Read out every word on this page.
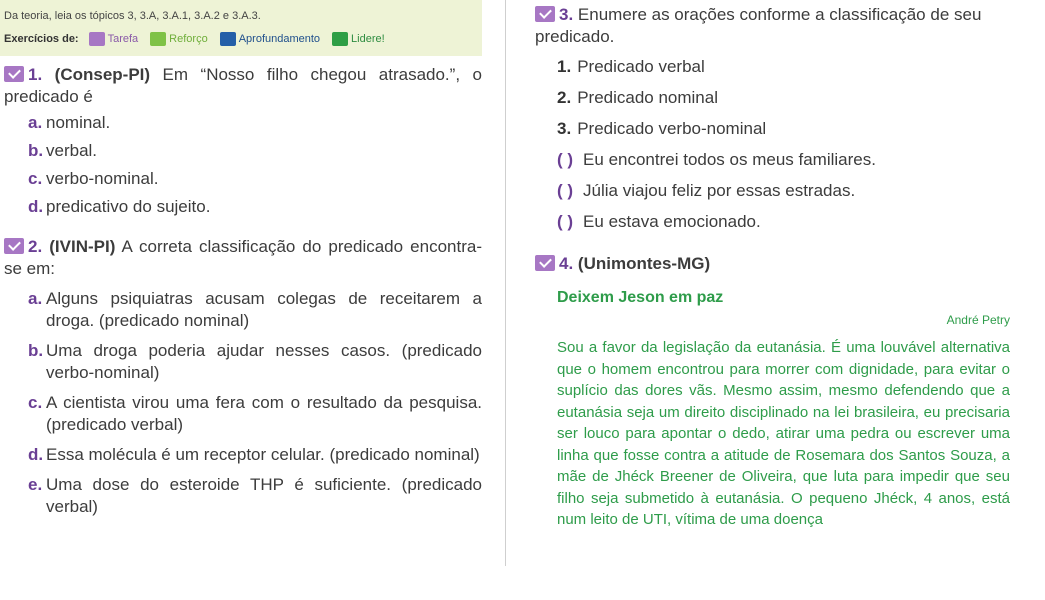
Da teoria, leia os tópicos 3, 3.A, 3.A.1, 3.A.2 e 3.A.3.
Exercícios de:	Tarefa	Reforço	Aprofundamento	Lidere!
1. (Consep-PI) Em “Nosso filho chegou atrasado.”, o predicado é
a. nominal.
b. verbal.
c. verbo-nominal.
d. predicativo do sujeito.
2. (IVIN-PI) A correta classificação do predicado encontra-se em:
a. Alguns psiquiatras acusam colegas de receitarem a droga. (predicado nominal)
b. Uma droga poderia ajudar nesses casos. (predicado verbo-nominal)
c. A cientista virou uma fera com o resultado da pesquisa. (predicado verbal)
d. Essa molécula é um receptor celular. (predicado nominal)
e. Uma dose do esteroide THP é suficiente. (predicado verbal)
3. Enumere as orações conforme a classificação de seu predicado.
1. Predicado verbal
2. Predicado nominal
3. Predicado verbo-nominal
( ) Eu encontrei todos os meus familiares.
( ) Júlia viajou feliz por essas estradas.
( ) Eu estava emocionado.
4. (Unimontes-MG)
Deixem Jeson em paz
André Petry
Sou a favor da legislação da eutanásia. É uma louvável alternativa que o homem encontrou para morrer com dignidade, para evitar o suplício das dores vãs. Mesmo assim, mesmo defendendo que a eutanásia seja um direito disciplinado na lei brasileira, eu precisaria ser louco para apontar o dedo, atirar uma pedra ou escrever uma linha que fosse contra a atitude de Rosemara dos Santos Souza, a mãe de Jhéck Breener de Oliveira, que luta para impedir que seu filho seja submetido à eutanásia. O pequeno Jhéck, 4 anos, está num leito de UTI, vítima de uma doença
